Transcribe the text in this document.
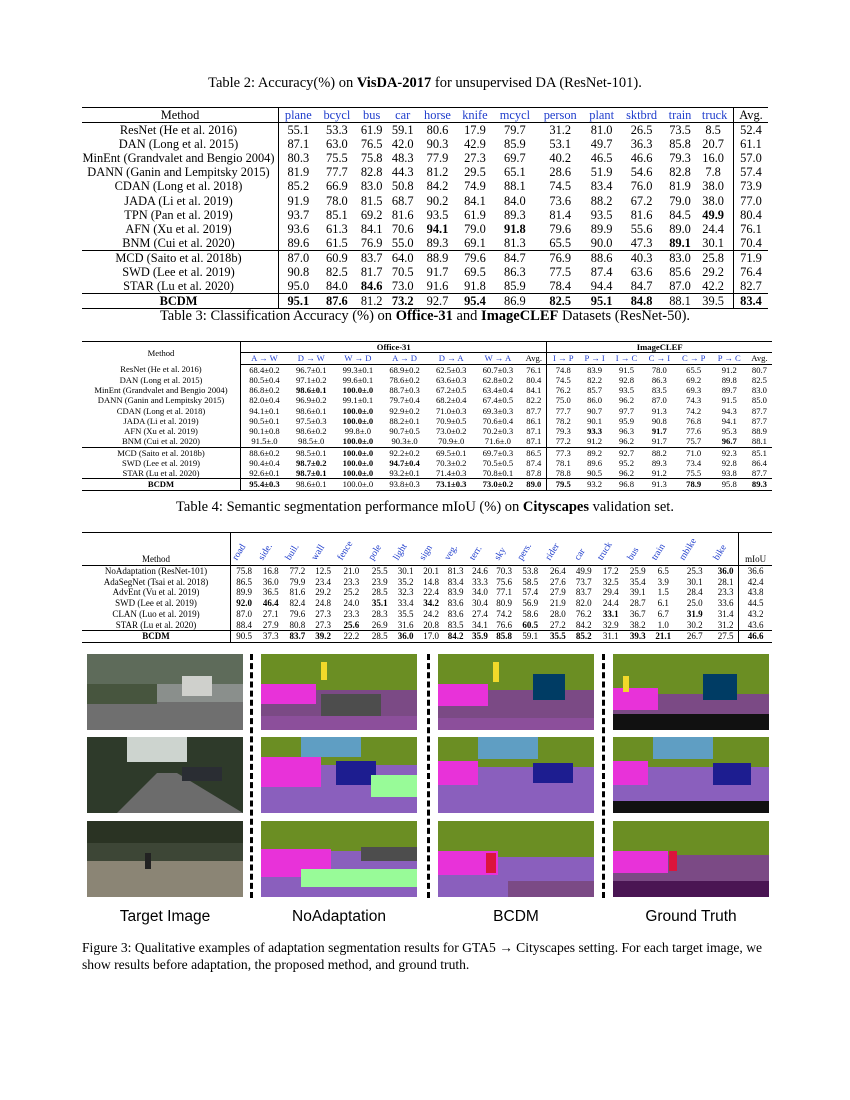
Table 2: Accuracy(%) on VisDA-2017 for unsupervised DA (ResNet-101).
Method	plane	bcycl	bus	car	horse	knife	mcycl	person	plant	sktbrd	train	truck	Avg.
ResNet (He et al. 2016)	55.1	53.3	61.9	59.1	80.6	17.9	79.7	31.2	81.0	26.5	73.5	8.5	52.4
DAN (Long et al. 2015)	87.1	63.0	76.5	42.0	90.3	42.9	85.9	53.1	49.7	36.3	85.8	20.7	61.1
MinEnt (Grandvalet and Bengio 2004)	80.3	75.5	75.8	48.3	77.9	27.3	69.7	40.2	46.5	46.6	79.3	16.0	57.0
DANN (Ganin and Lempitsky 2015)	81.9	77.7	82.8	44.3	81.2	29.5	65.1	28.6	51.9	54.6	82.8	7.8	57.4
CDAN (Long et al. 2018)	85.2	66.9	83.0	50.8	84.2	74.9	88.1	74.5	83.4	76.0	81.9	38.0	73.9
JADA (Li et al. 2019)	91.9	78.0	81.5	68.7	90.2	84.1	84.0	73.6	88.2	67.2	79.0	38.0	77.0
TPN (Pan et al. 2019)	93.7	85.1	69.2	81.6	93.5	61.9	89.3	81.4	93.5	81.6	84.5	49.9	80.4
AFN (Xu et al. 2019)	93.6	61.3	84.1	70.6	94.1	79.0	91.8	79.6	89.9	55.6	89.0	24.4	76.1
BNM (Cui et al. 2020)	89.6	61.5	76.9	55.0	89.3	69.1	81.3	65.5	90.0	47.3	89.1	30.1	70.4
MCD (Saito et al. 2018b)	87.0	60.9	83.7	64.0	88.9	79.6	84.7	76.9	88.6	40.3	83.0	25.8	71.9
SWD (Lee et al. 2019)	90.8	82.5	81.7	70.5	91.7	69.5	86.3	77.5	87.4	63.6	85.6	29.2	76.4
STAR (Lu et al. 2020)	95.0	84.0	84.6	73.0	91.6	91.8	85.9	78.4	94.4	84.7	87.0	42.2	82.7
BCDM	95.1	87.6	81.2	73.2	92.7	95.4	86.9	82.5	95.1	84.8	88.1	39.5	83.4
Table 3: Classification Accuracy (%) on Office-31 and ImageCLEF Datasets (ResNet-50).
Method	Office-31							ImageCLEF						
	A → W	D → W	W → D	A → D	D → A	W → A	Avg.	I → P	P → I	I → C	C → I	C → P	P → C	Avg.
ResNet (He et al. 2016)	68.4±0.2	96.7±0.1	99.3±0.1	68.9±0.2	62.5±0.3	60.7±0.3	76.1	74.8	83.9	91.5	78.0	65.5	91.2	80.7
DAN (Long et al. 2015)	80.5±0.4	97.1±0.2	99.6±0.1	78.6±0.2	63.6±0.3	62.8±0.2	80.4	74.5	82.2	92.8	86.3	69.2	89.8	82.5
MinEnt (Grandvalet and Bengio 2004)	86.8±0.2	98.6±0.1	100.0±.0	88.7±0.3	67.2±0.5	63.4±0.4	84.1	76.2	85.7	93.5	83.5	69.3	89.7	83.0
DANN (Ganin and Lempitsky 2015)	82.0±0.4	96.9±0.2	99.1±0.1	79.7±0.4	68.2±0.4	67.4±0.5	82.2	75.0	86.0	96.2	87.0	74.3	91.5	85.0
CDAN (Long et al. 2018)	94.1±0.1	98.6±0.1	100.0±.0	92.9±0.2	71.0±0.3	69.3±0.3	87.7	77.7	90.7	97.7	91.3	74.2	94.3	87.7
JADA (Li et al. 2019)	90.5±0.1	97.5±0.3	100.0±.0	88.2±0.1	70.9±0.5	70.6±0.4	86.1	78.2	90.1	95.9	90.8	76.8	94.1	87.7
AFN (Xu et al. 2019)	90.1±0.8	98.6±0.2	99.8±.0	90.7±0.5	73.0±0.2	70.2±0.3	87.1	79.3	93.3	96.3	91.7	77.6	95.3	88.9
BNM (Cui et al. 2020)	91.5±.0	98.5±.0	100.0±.0	90.3±.0	70.9±.0	71.6±.0	87.1	77.2	91.2	96.2	91.7	75.7	96.7	88.1
MCD (Saito et al. 2018b)	88.6±0.2	98.5±0.1	100.0±.0	92.2±0.2	69.5±0.1	69.7±0.3	86.5	77.3	89.2	92.7	88.2	71.0	92.3	85.1
SWD (Lee et al. 2019)	90.4±0.4	98.7±0.2	100.0±.0	94.7±0.4	70.3±0.2	70.5±0.5	87.4	78.1	89.6	95.2	89.3	73.4	92.8	86.4
STAR (Lu et al. 2020)	92.6±0.1	98.7±0.1	100.0±.0	93.2±0.1	71.4±0.3	70.8±0.1	87.8	78.8	90.5	96.2	91.2	75.5	93.8	87.7
BCDM	95.4±0.3	98.6±0.1	100.0±.0	93.8±0.3	73.1±0.3	73.0±0.2	89.0	79.5	93.2	96.8	91.3	78.9	95.8	89.3
Table 4: Semantic segmentation performance mIoU (%) on Cityscapes validation set.
Method	road	side.	buil.	wall	fence	pole	light	sign	veg.	terr.	sky	pers.	rider	car	truck	bus	train	mbike	bike	mIoU
NoAdaptation (ResNet-101)	75.8	16.8	77.2	12.5	21.0	25.5	30.1	20.1	81.3	24.6	70.3	53.8	26.4	49.9	17.2	25.9	6.5	25.3	36.0	36.6
AdaSegNet (Tsai et al. 2018)	86.5	36.0	79.9	23.4	23.3	23.9	35.2	14.8	83.4	33.3	75.6	58.5	27.6	73.7	32.5	35.4	3.9	30.1	28.1	42.4
AdvEnt (Vu et al. 2019)	89.9	36.5	81.6	29.2	25.2	28.5	32.3	22.4	83.9	34.0	77.1	57.4	27.9	83.7	29.4	39.1	1.5	28.4	23.3	43.8
SWD (Lee et al. 2019)	92.0	46.4	82.4	24.8	24.0	35.1	33.4	34.2	83.6	30.4	80.9	56.9	21.9	82.0	24.4	28.7	6.1	25.0	33.6	44.5
CLAN (Luo et al. 2019)	87.0	27.1	79.6	27.3	23.3	28.3	35.5	24.2	83.6	27.4	74.2	58.6	28.0	76.2	33.1	36.7	6.7	31.9	31.4	43.2
STAR (Lu et al. 2020)	88.4	27.9	80.8	27.3	25.6	26.9	31.6	20.8	83.5	34.1	76.6	60.5	27.2	84.2	32.9	38.2	1.0	30.2	31.2	43.6
BCDM	90.5	37.3	83.7	39.2	22.2	28.5	36.0	17.0	84.2	35.9	85.8	59.1	35.5	85.2	31.1	39.3	21.1	26.7	27.5	46.6
Target Image	NoAdaptation	BCDM	Ground Truth
Figure 3: Qualitative examples of adaptation segmentation results for GTA5 → Cityscapes setting. For each target image, we show results before adaptation, the proposed method, and ground truth.
